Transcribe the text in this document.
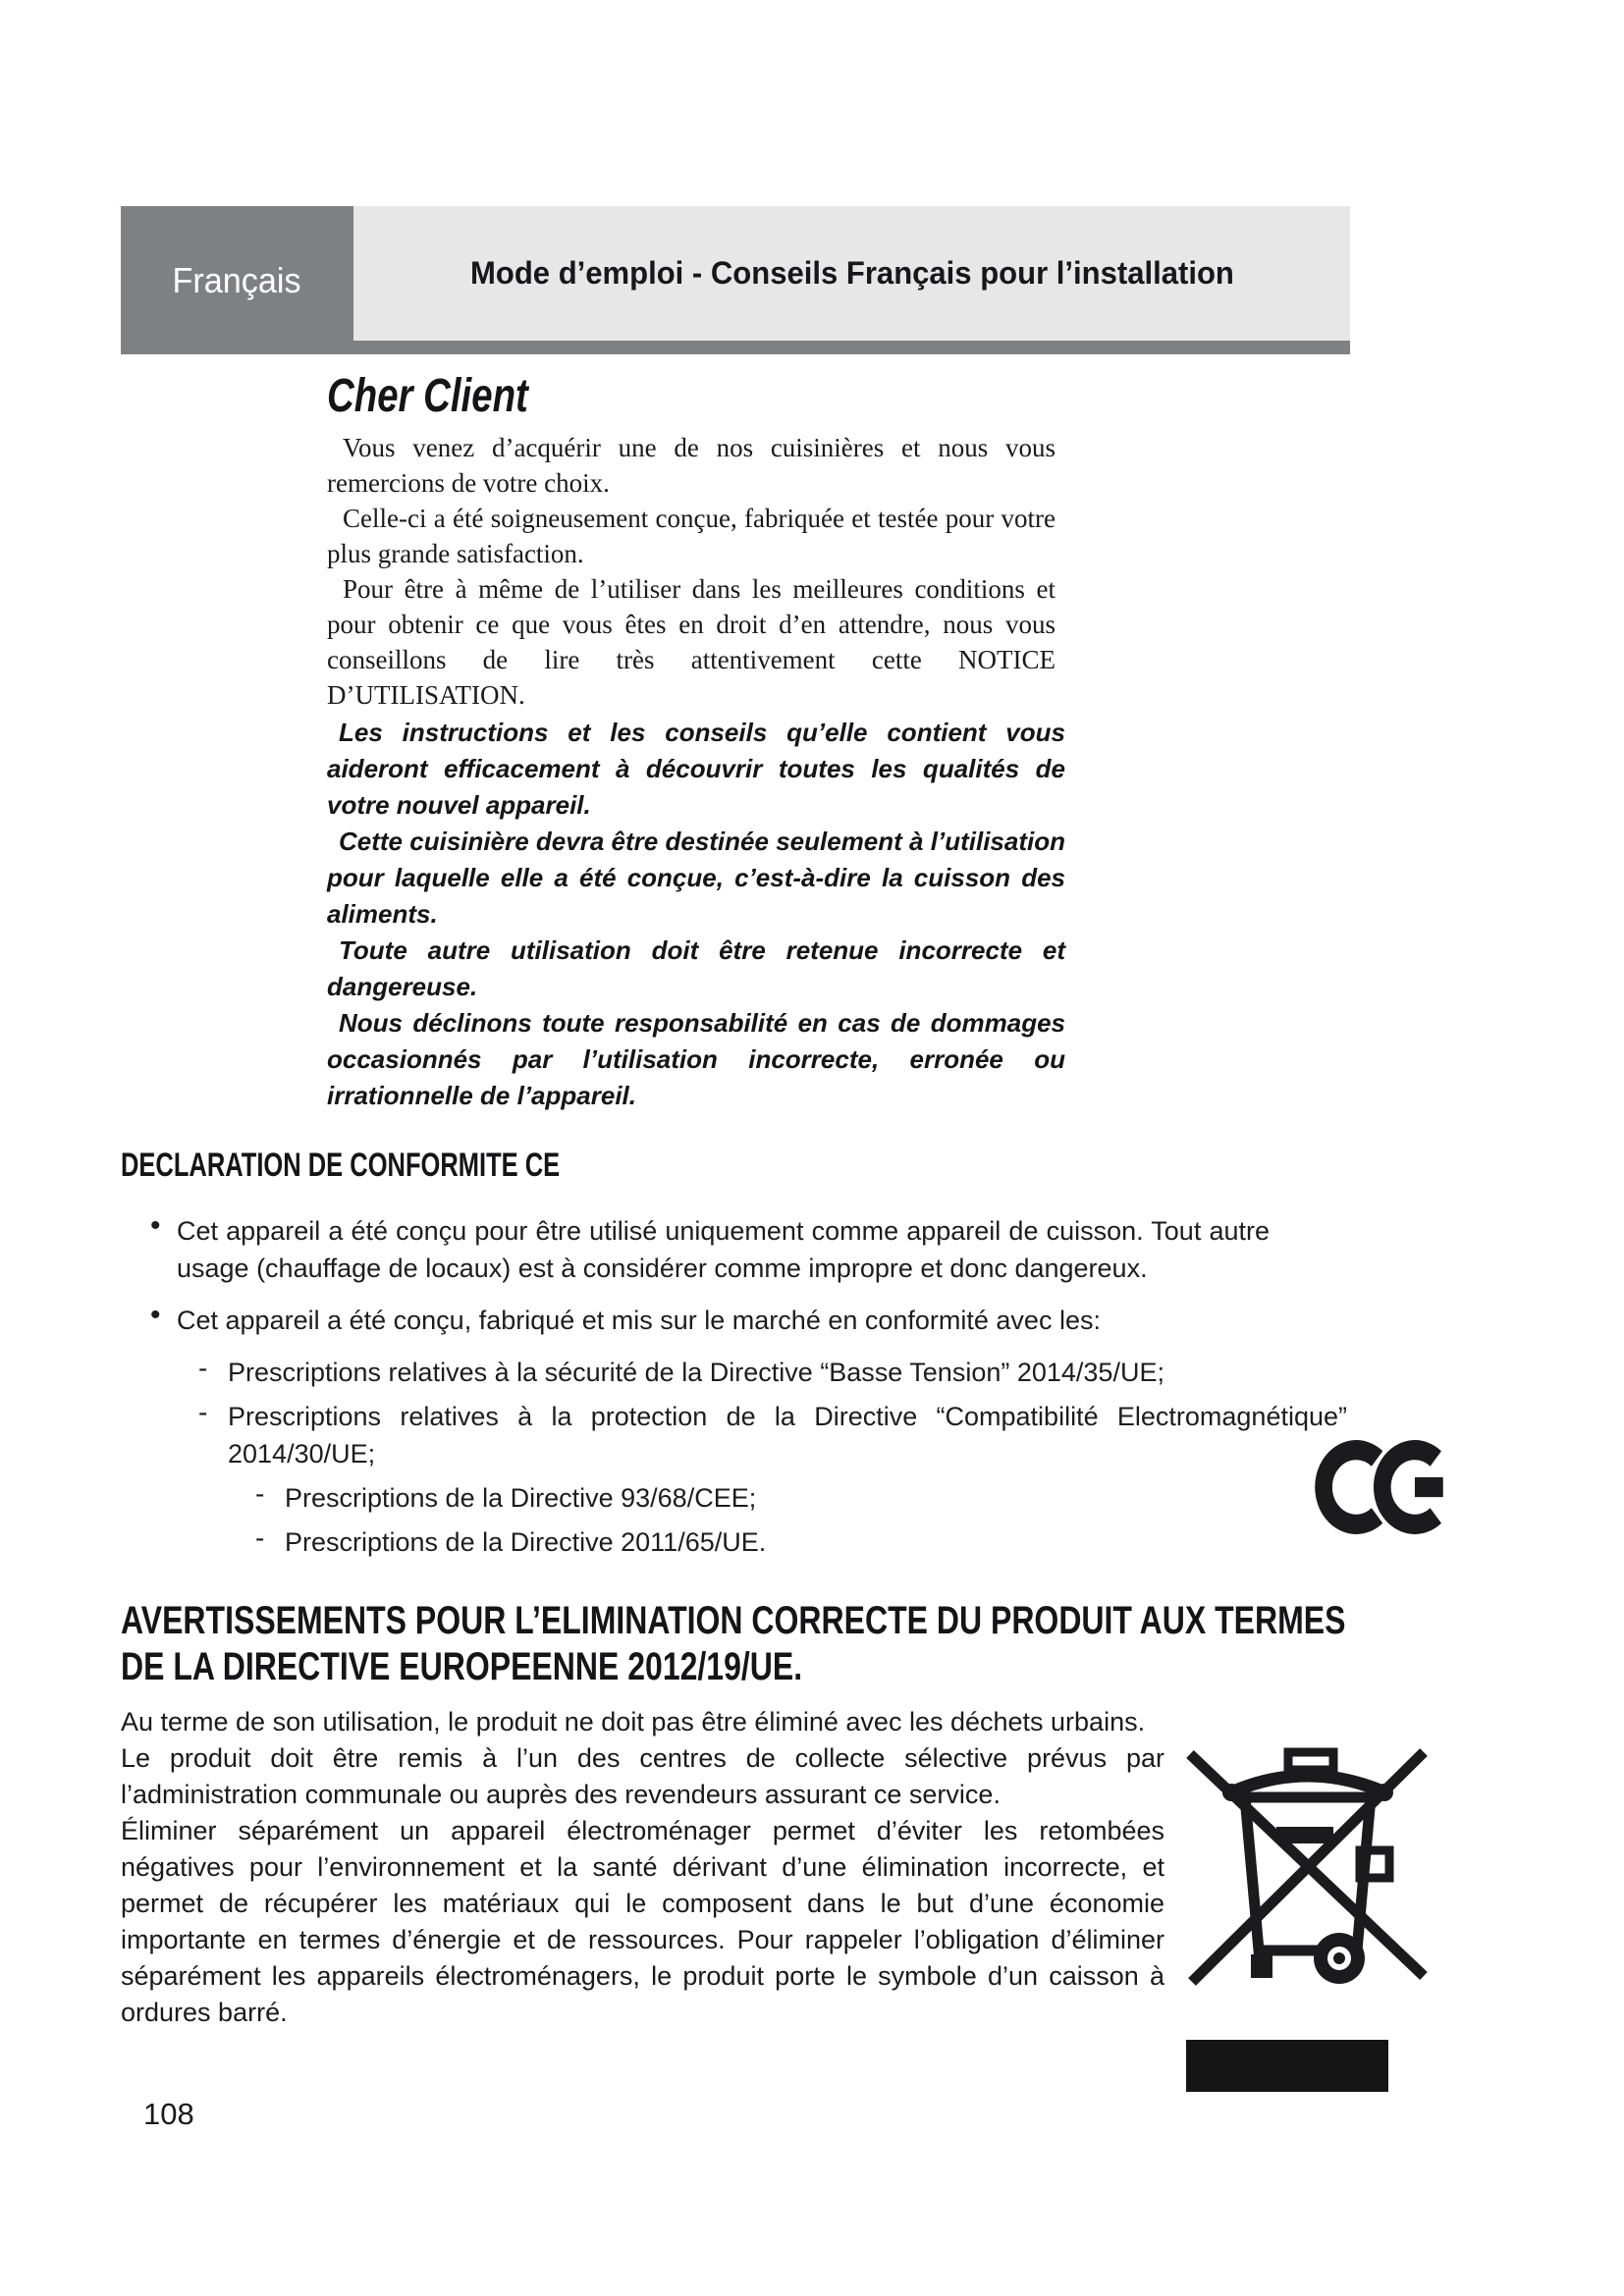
Français	Mode d’emploi - Conseils Français pour l’installation
Cher Client

Vous venez d’acquérir une de nos cuisinières et nous vous remercions de votre choix.

Celle-ci a été soigneusement conçue, fabriquée et testée pour votre plus grande satisfaction.

Pour être à même de l’utiliser dans les meilleures conditions et pour obtenir ce que vous êtes en droit d’en attendre, nous vous conseillons de lire très attentivement cette NOTICE D’UTILISATION.

Les instructions et les conseils qu’elle contient vous aideront efficacement à découvrir toutes les qualités de votre nouvel appareil.

Cette cuisinière devra être destinée seulement à l’utilisation pour laquelle elle a été conçue, c’est-à-dire la cuisson des aliments.

Toute autre utilisation doit être retenue incorrecte et dangereuse.

Nous déclinons toute responsabilité en cas de dommages occasionnés par l’utilisation incorrecte, erronée ou irrationnelle de l’appareil.

DECLARATION DE CONFORMITE CE
• Cet appareil a été conçu pour être utilisé uniquement comme appareil de cuisson. Tout autre usage (chauffage de locaux) est à considérer comme impropre et donc dangereux.

• Cet appareil a été conçu, fabriqué et mis sur le marché en conformité avec les:

- Prescriptions relatives à la sécurité de la Directive “Basse Tension” 2014/35/UE;

- Prescriptions relatives à la protection de la Directive “Compatibilité Electromagnétique” 2014/30/UE;

- Prescriptions de la Directive 93/68/CEE;

- Prescriptions de la Directive 2011/65/UE.

AVERTISSEMENTS POUR L’ELIMINATION CORRECTE DU PRODUIT AUX TERMES
DE LA DIRECTIVE EUROPEENNE 2012/19/UE.

Au terme de son utilisation, le produit ne doit pas être éliminé avec les déchets urbains.

Le produit doit être remis à l’un des centres de collecte sélective prévus par l’administration communale ou auprès des revendeurs assurant ce service.

Éliminer séparément un appareil électroménager permet d’éviter les retombées négatives pour l’environnement et la santé dérivant d’une élimination incorrecte, et permet de récupérer les matériaux qui le composent dans le but d’une économie importante en termes d’énergie et de ressources. Pour rappeler l’obligation d’éliminer séparément les appareils électroménagers, le produit porte le symbole d’un caisson à ordures barré.

108
